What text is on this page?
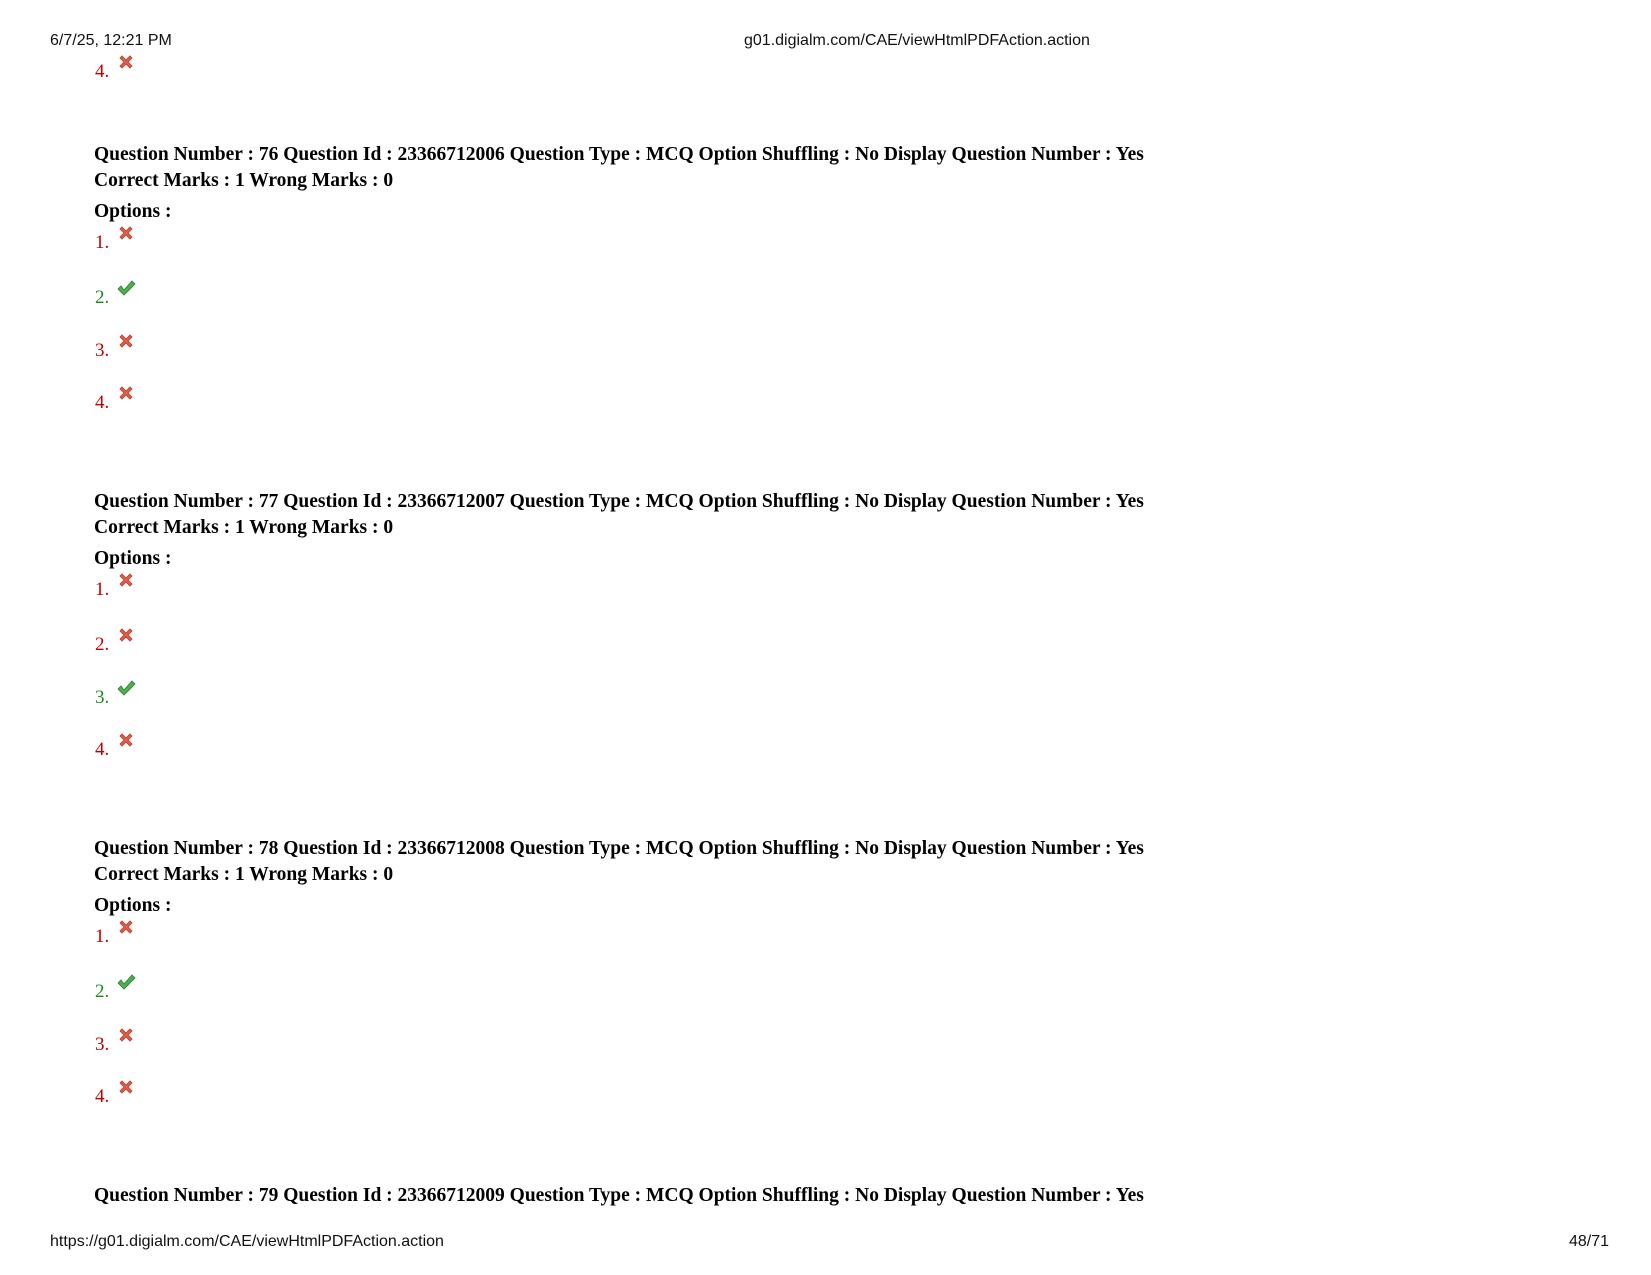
6/7/25, 12:21 PM	g01.digialm.com/CAE/viewHtmlPDFAction.action
4.
Question Number : 76 Question Id : 23366712006 Question Type : MCQ Option Shuffling : No Display Question Number : Yes
Correct Marks : 1 Wrong Marks : 0
Options :
1.
2.
3.
4.
Question Number : 77 Question Id : 23366712007 Question Type : MCQ Option Shuffling : No Display Question Number : Yes
Correct Marks : 1 Wrong Marks : 0
Options :
1.
2.
3.
4.
Question Number : 78 Question Id : 23366712008 Question Type : MCQ Option Shuffling : No Display Question Number : Yes
Correct Marks : 1 Wrong Marks : 0
Options :
1.
2.
3.
4.
Question Number : 79 Question Id : 23366712009 Question Type : MCQ Option Shuffling : No Display Question Number : Yes
https://g01.digialm.com/CAE/viewHtmlPDFAction.action	48/71
